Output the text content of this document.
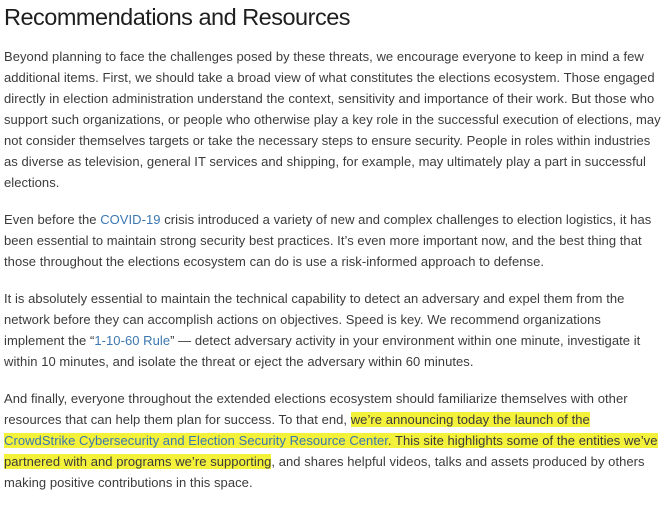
Recommendations and Resources

Beyond planning to face the challenges posed by these threats, we encourage everyone to keep in mind a few additional items. First, we should take a broad view of what constitutes the elections ecosystem. Those engaged directly in election administration understand the context, sensitivity and importance of their work. But those who support such organizations, or people who otherwise play a key role in the successful execution of elections, may not consider themselves targets or take the necessary steps to ensure security. People in roles within industries as diverse as television, general IT services and shipping, for example, may ultimately play a part in successful elections.

Even before the COVID-19 crisis introduced a variety of new and complex challenges to election logistics, it has been essential to maintain strong security best practices. It’s even more important now, and the best thing that those throughout the elections ecosystem can do is use a risk-informed approach to defense.

It is absolutely essential to maintain the technical capability to detect an adversary and expel them from the network before they can accomplish actions on objectives. Speed is key. We recommend organizations implement the “1-10-60 Rule” — detect adversary activity in your environment within one minute, investigate it within 10 minutes, and isolate the threat or eject the adversary within 60 minutes.

And finally, everyone throughout the extended elections ecosystem should familiarize themselves with other resources that can help them plan for success. To that end, we’re announcing today the launch of the CrowdStrike Cybersecurity and Election Security Resource Center. This site highlights some of the entities we’ve partnered with and programs we’re supporting, and shares helpful videos, talks and assets produced by others making positive contributions in this space.
